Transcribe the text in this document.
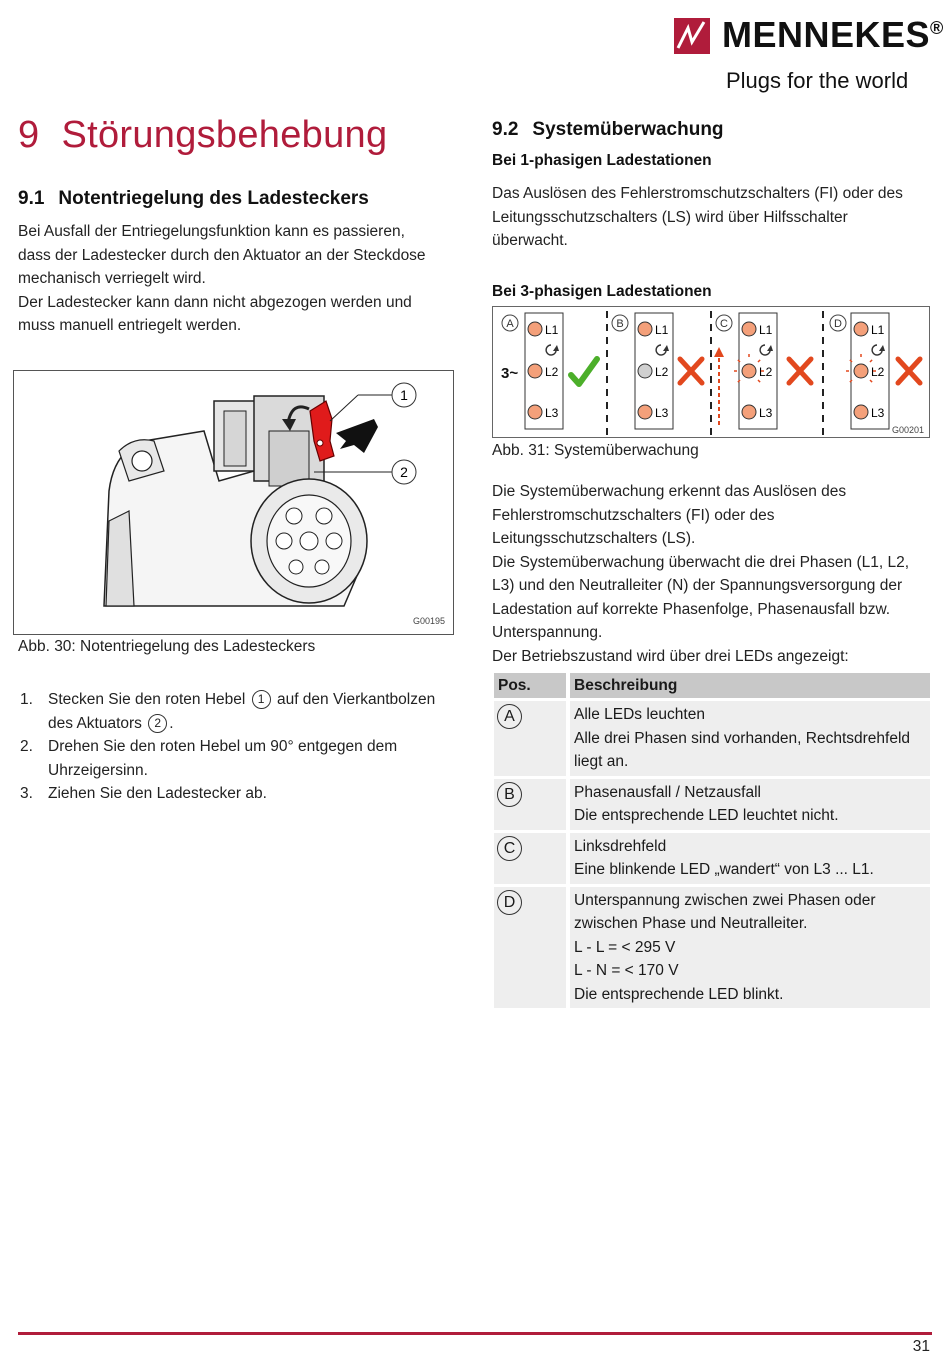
MENNEKES®
Plugs for the world
9 Störungsbehebung
9.1 Notentriegelung des Ladesteckers
Bei Ausfall der Entriegelungsfunktion kann es passieren,
dass der Ladestecker durch den Aktuator an der Steckdose
mechanisch verriegelt wird.
Der Ladestecker kann dann nicht abgezogen werden und
muss manuell entriegelt werden.
1
2
G00195
Abb. 30: Notentriegelung des Ladesteckers
1. Stecken Sie den roten Hebel 1 auf den Vierkantbolzen
des Aktuators 2 .
2. Drehen Sie den roten Hebel um 90° entgegen dem
Uhrzeigersinn.
3. Ziehen Sie den Ladestecker ab.
9.2 Systemüberwachung
Bei 1-phasigen Ladestationen
Das Auslösen des Fehlerstromschutzschalters (FI) oder des
Leitungsschutzschalters (LS) wird über Hilfsschalter
überwacht.
Bei 3-phasigen Ladestationen
A
3~
L1
L2
L3
B	L1
L2
L3
C	L1
L2
L3
D L1
L2
L3
G00201
Abb. 31: Systemüberwachung
Die Systemüberwachung erkennt das Auslösen des
Fehlerstromschutzschalters (FI) oder des
Leitungsschutzschalters (LS).
Die Systemüberwachung überwacht die drei Phasen (L1, L2,
L3) und den Neutralleiter (N) der Spannungsversorgung der
Ladestation auf korrekte Phasenfolge, Phasenausfall bzw.
Unterspannung.
Der Betriebszustand wird über drei LEDs angezeigt:
Pos.	Beschreibung
A	Alle LEDs leuchten
Alle drei Phasen sind vorhanden, Rechtsdrehfeld
liegt an.

B	Phasenausfall / Netzausfall
Die entsprechende LED leuchtet nicht.

C	Linksdrehfeld
Eine blinkende LED „wandert“ von L3 ... L1.

D	Unterspannung zwischen zwei Phasen oder
zwischen Phase und Neutralleiter.
L - L = < 295 V
L - N = < 170 V
Die entsprechende LED blinkt.
31
